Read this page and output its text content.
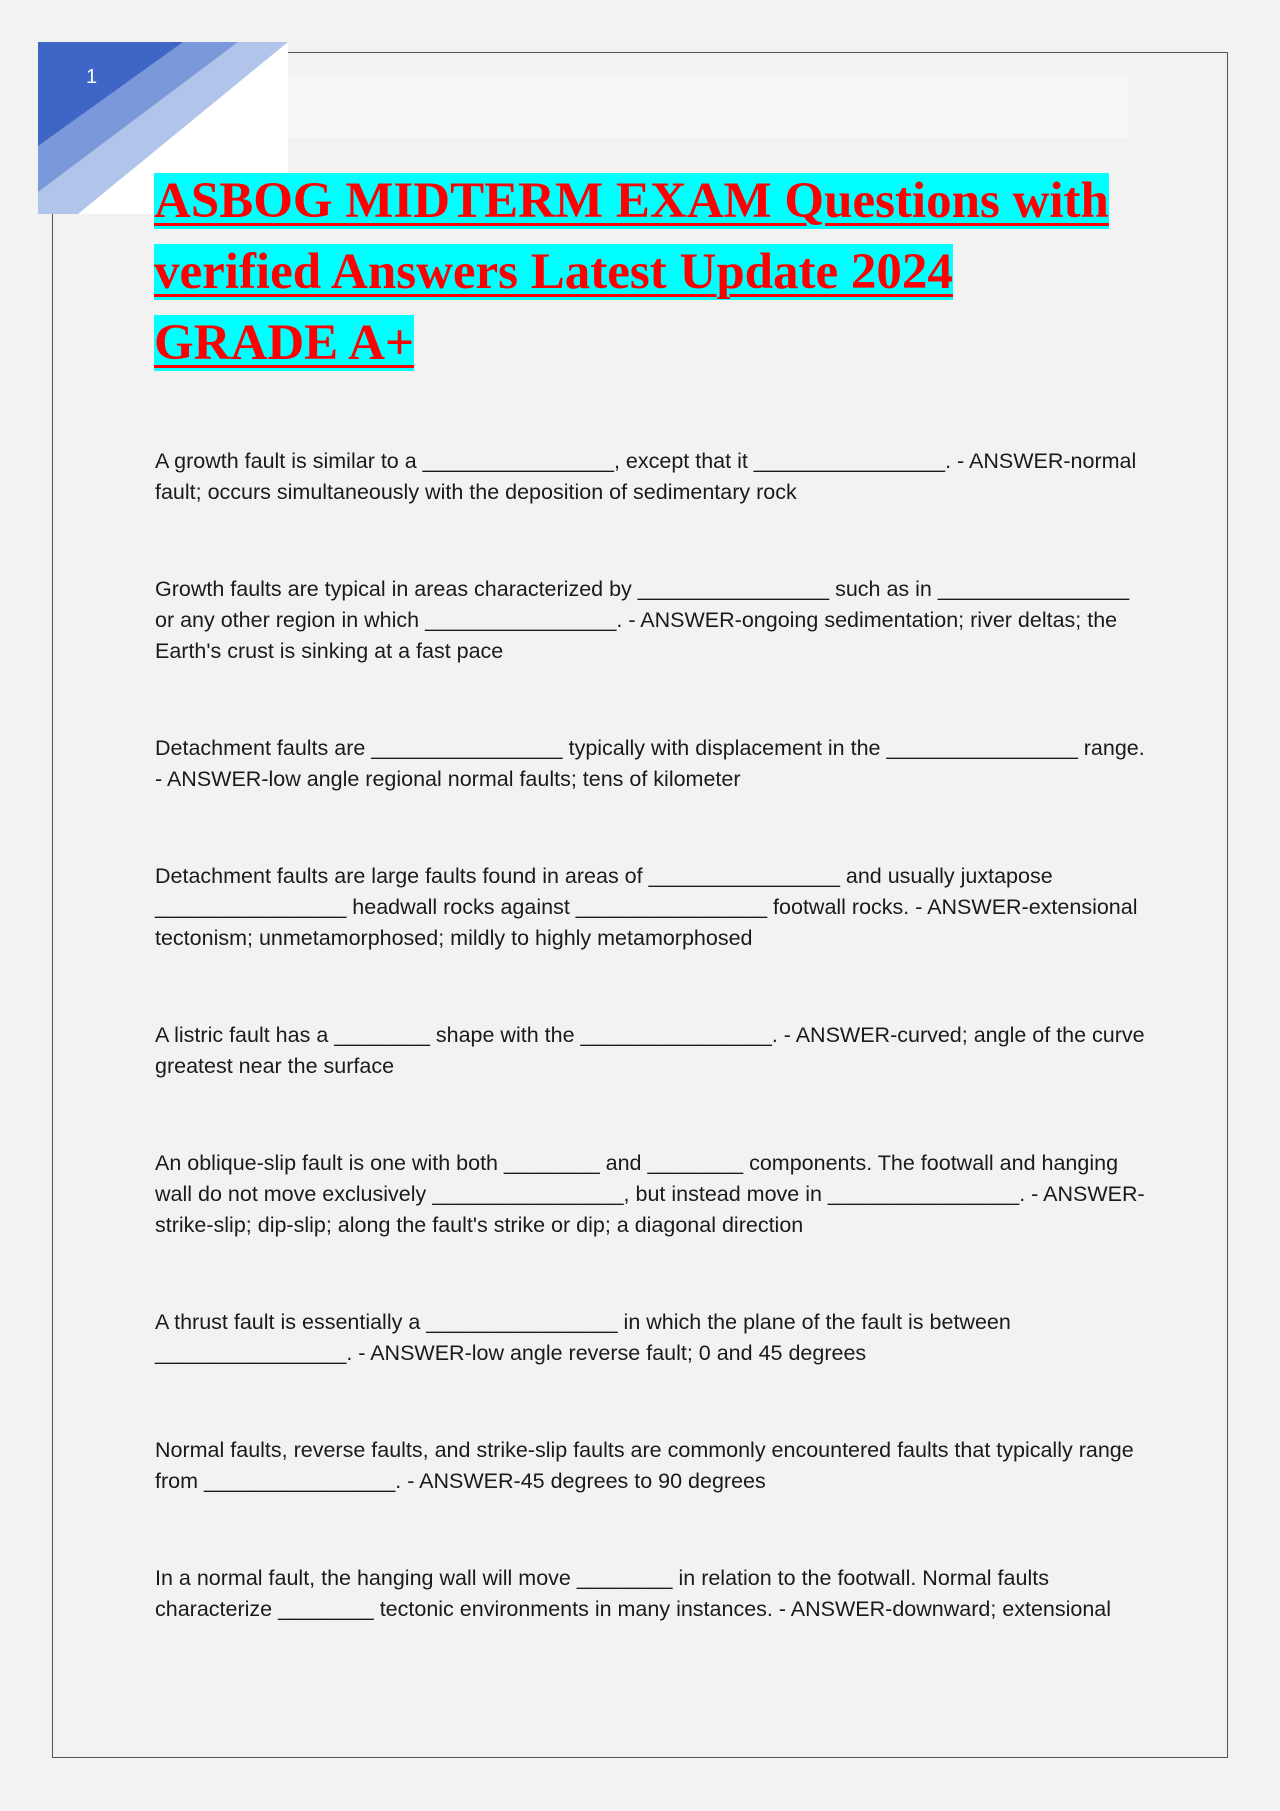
1
ASBOG MIDTERM EXAM Questions with verified Answers Latest Update 2024 GRADE A+

A growth fault is similar to a ________________, except that it ________________. - ANSWER-normal fault; occurs simultaneously with the deposition of sedimentary rock

Growth faults are typical in areas characterized by ________________ such as in ________________ or any other region in which ________________. - ANSWER-ongoing sedimentation; river deltas; the Earth's crust is sinking at a fast pace

Detachment faults are ________________ typically with displacement in the ________________ range. - ANSWER-low angle regional normal faults; tens of kilometer

Detachment faults are large faults found in areas of ________________ and usually juxtapose ________________ headwall rocks against ________________ footwall rocks. - ANSWER-extensional tectonism; unmetamorphosed; mildly to highly metamorphosed

A listric fault has a ________ shape with the ________________. - ANSWER-curved; angle of the curve greatest near the surface

An oblique-slip fault is one with both ________ and ________ components. The footwall and hanging wall do not move exclusively ________________, but instead move in ________________. - ANSWER-strike-slip; dip-slip; along the fault's strike or dip; a diagonal direction

A thrust fault is essentially a ________________ in which the plane of the fault is between ________________. - ANSWER-low angle reverse fault; 0 and 45 degrees

Normal faults, reverse faults, and strike-slip faults are commonly encountered faults that typically range from ________________. - ANSWER-45 degrees to 90 degrees

In a normal fault, the hanging wall will move ________ in relation to the footwall. Normal faults characterize ________ tectonic environments in many instances. - ANSWER-downward; extensional
